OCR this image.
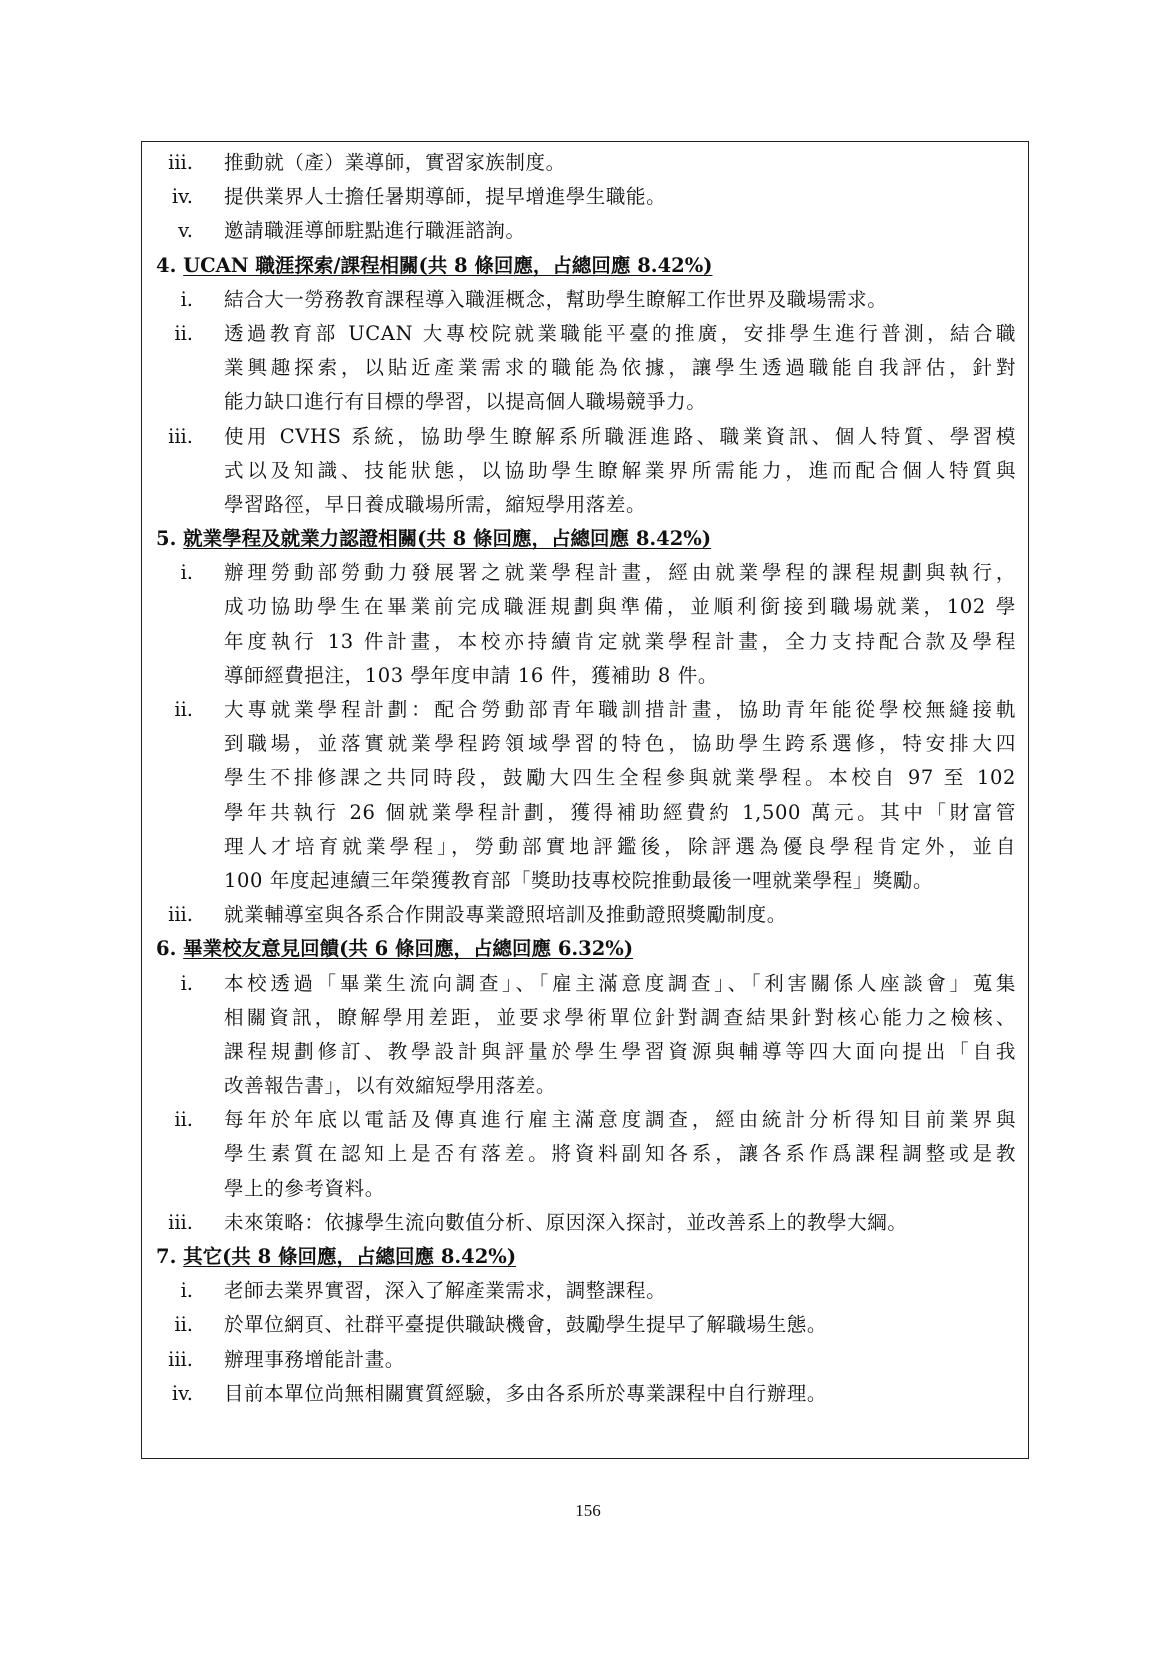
iii. 推動就（產）業導師，實習家族制度。
iv. 提供業界人士擔任暑期導師，提早增進學生職能。
v. 邀請職涯導師駐點進行職涯諮詢。
4. UCAN 職涯探索/課程相關(共 8 條回應，占總回應 8.42%)
i. 結合大一勞務教育課程導入職涯概念，幫助學生瞭解工作世界及職場需求。
ii. 透過教育部 UCAN 大專校院就業職能平臺的推廣，安排學生進行普測，結合職
業興趣探索，以貼近產業需求的職能為依據，讓學生透過職能自我評估，針對
能力缺口進行有目標的學習，以提高個人職場競爭力。
iii. 使用 CVHS 系統，協助學生瞭解系所職涯進路、職業資訊、個人特質、學習模
式以及知識、技能狀態，以協助學生瞭解業界所需能力，進而配合個人特質與
學習路徑，早日養成職場所需，縮短學用落差。
5. 就業學程及就業力認證相關(共 8 條回應，占總回應 8.42%)
i. 辦理勞動部勞動力發展署之就業學程計畫，經由就業學程的課程規劃與執行，
成功協助學生在畢業前完成職涯規劃與準備，並順利銜接到職場就業，102 學
年度執行 13 件計畫，本校亦持續肯定就業學程計畫，全力支持配合款及學程
導師經費挹注，103 學年度申請 16 件，獲補助 8 件。
ii. 大專就業學程計劃：配合勞動部青年職訓措計畫，協助青年能從學校無縫接軌
到職場，並落實就業學程跨領域學習的特色，協助學生跨系選修，特安排大四
學生不排修課之共同時段，鼓勵大四生全程參與就業學程。本校自 97 至 102
學年共執行 26 個就業學程計劃，獲得補助經費約 1,500 萬元。其中「財富管
理人才培育就業學程」，勞動部實地評鑑後，除評選為優良學程肯定外，並自
100 年度起連續三年榮獲教育部「獎助技專校院推動最後一哩就業學程」獎勵。
iii. 就業輔導室與各系合作開設專業證照培訓及推動證照獎勵制度。
6. 畢業校友意見回饋(共 6 條回應，占總回應 6.32%)
i. 本校透過「畢業生流向調查」、「雇主滿意度調查」、「利害關係人座談會」蒐集
相關資訊，瞭解學用差距，並要求學術單位針對調查結果針對核心能力之檢核、
課程規劃修訂、教學設計與評量於學生學習資源與輔導等四大面向提出「自我
改善報告書」，以有效縮短學用落差。
ii. 每年於年底以電話及傳真進行雇主滿意度調查，經由統計分析得知目前業界與
學生素質在認知上是否有落差。將資料副知各系，讓各系作爲課程調整或是教
學上的參考資料。
iii. 未來策略：依據學生流向數值分析、原因深入探討，並改善系上的教學大綱。
7. 其它(共 8 條回應，占總回應 8.42%)
i. 老師去業界實習，深入了解產業需求，調整課程。
ii. 於單位網頁、社群平臺提供職缺機會，鼓勵學生提早了解職場生態。
iii. 辦理事務增能計畫。
iv. 目前本單位尚無相關實質經驗，多由各系所於專業課程中自行辦理。
156
